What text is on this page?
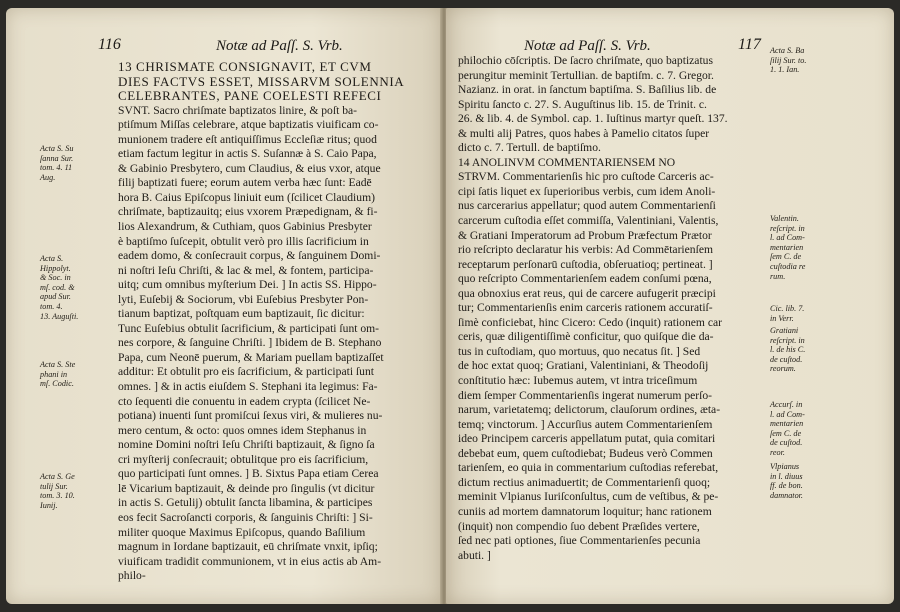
116	Notæ ad Paſſ. S. Vrb.
13 CHRISMATE CONSIGNAVIT, ET CVM
DIES FACTVS ESSET, MISSARVM SOLENNIA
CELEBRANTES, PANE COELESTI REFECI
SVNT. Sacro chriſmate baptizatos linire, & poſt ba-
ptiſmum Miſſas celebrare, atque baptizatis viuificam co-
munionem tradere eſt antiquiſſimus Eccleſiæ ritus; quod
etiam factum legitur in actis S. Suſannæ à S. Caio Papa,
& Gabinio Presbytero, cum Claudius, & eius vxor, atque
filij baptizati fuere; eorum autem verba hæc ſunt: Eadē
hora B. Caius Epiſcopus liniuit eum (ſcilicet Claudium)
chriſmate, baptizauitq; eius vxorem Præpedignam, & fi-
lios Alexandrum, & Cuthiam, quos Gabinius Presbyter
è baptiſmo ſuſcepit, obtulit verò pro illis ſacrificium in
eadem domo, & conſecrauit corpus, & ſanguinem Domi-
ni noſtri Ieſu Chriſti, & lac & mel, & fontem, participa-
uitq; cum omnibus myſterium Dei. ] In actis SS. Hippo-
lyti, Euſebij & Sociorum, vbi Euſebius Presbyter Pon-
tianum baptizat, poſtquam eum baptizauit, ſic dicitur:
Tunc Euſebius obtulit ſacrificium, & participati ſunt om-
nes corpore, & ſanguine Chriſti. ] Ibidem de B. Stephano
Papa, cum Neonē puerum, & Mariam puellam baptizaſſet
additur: Et obtulit pro eis ſacrificium, & participati ſunt
omnes. ] & in actis eiuſdem S. Stephani ita legimus: Fa-
cto ſequenti die conuentu in eadem crypta (ſcilicet Ne-
potiana) inuenti ſunt promiſcui ſexus viri, & mulieres nu-
mero centum, & octo: quos omnes idem Stephanus in
nomine Domini noſtri Ieſu Chriſti baptizauit, & ſigno ſa
cri myſterij conſecrauit; obtulitque pro eis ſacrificium,
quo participati ſunt omnes. ] B. Sixtus Papa etiam Cerea
lē Vicarium baptizauit, & deinde pro ſingulis (vt dicitur
in actis S. Getulij) obtulit ſancta libamina, & participes
eos fecit Sacroſancti corporis, & ſanguinis Chriſti: ] Si-
militer quoque Maximus Epiſcopus, quando Baſilium
magnum in Iordane baptizauit, eū chriſmate vnxit, ipſiq;
viuificam tradidit communionem, vt in eius actis ab Am-
philo-
Acta S. Su
ſanna Sur.
tom. 4. 11
Aug.
Acta S.
Hippolyt.
& Soc. in
mſ. cod. &
apud Sur.
tom. 4.
13. Auguſti.
Acta S. Ste
phani in
mſ. Codic.
Acta S. Ge
tulij Sur.
tom. 3. 10.
Iunij.
Notæ ad Paſſ. S. Vrb.	117
philochio cōſcriptis. De ſacro chriſmate, quo baptizatus
perungitur meminit Tertullian. de baptiſm. c. 7. Gregor.
Nazianz. in orat. in ſanctum baptiſma. S. Baſilius lib. de
Spiritu ſancto c. 27. S. Auguſtinus lib. 15. de Trinit. c.
26. & lib. 4. de Symbol. cap. 1. Iuſtinus martyr queſt. 137.
& multi alij Patres, quos habes à Pamelio citatos ſuper
dicto c. 7. Tertull. de baptiſmo.
14 ANOLINVM COMMENTARIENSEM NO
STRVM. Commentarienſis hic pro cuſtode Carceris ac-
cipi ſatis liquet ex ſuperioribus verbis, cum idem Anoli-
nus carcerarius appellatur; quod autem Commentarienſi
carcerum cuſtodia eſſet commiſſa, Valentiniani, Valentis,
& Gratiani Imperatorum ad Probum Præfectum Prætor
rio reſcripto declaratur his verbis: Ad Commētarienſem
receptarum perſonarū cuſtodia, obſeruatioq; pertineat. ]
quo reſcripto Commentarienſem eadem conſumi pœna,
qua obnoxius erat reus, qui de carcere aufugerit præcipi
tur; Commentarienſis enim carceris rationem accuratiſ-
ſimè conficiebat, hinc Cicero: Cedo (inquit) rationem car
ceris, quæ diligentiſſimè conficitur, quo quiſque die da-
tus in cuſtodiam, quo mortuus, quo necatus ſit. ] Sed
de hoc extat quoq; Gratiani, Valentiniani, & Theodoſij
conſtitutio hæc: Iubemus autem, vt intra triceſimum
diem ſemper Commentarienſis ingerat numerum perſo-
narum, varietatemq; delictorum, clauſorum ordines, æta-
temq; vinctorum. ] Accurſius autem Commentarienſem
ideo Principem carceris appellatum putat, quia comitari
debebat eum, quem cuſtodiebat; Budeus verò Commen
tarienſem, eo quia in commentarium cuſtodias referebat,
dictum rectius animaduertit; de Commentarienſi quoq;
meminit Vlpianus Iuriſconſultus, cum de veſtibus, & pe-
cuniis ad mortem damnatorum loquitur; hanc rationem
(inquit) non compendio ſuo debent Præſides vertere,
ſed nec pati optiones, ſiue Commentarienſes pecunia
abuti. ]
Acta S. Ba
ſilij Sur. to.
1. 1. Ian.
Valentin.
reſcript. in
l. ad Com-
mentarien
ſem C. de
cuſtodia re
rum.
Cic. lib. 7.
in Verr.
Gratiani
reſcript. in
l. de his C.
de cuſtod.
reorum.
Accurſ. in
l. ad Com-
mentarien
ſem C. de
de cuſtod.
reor.
Vlpianus
in l. diuus
ff. de bon.
damnator.
